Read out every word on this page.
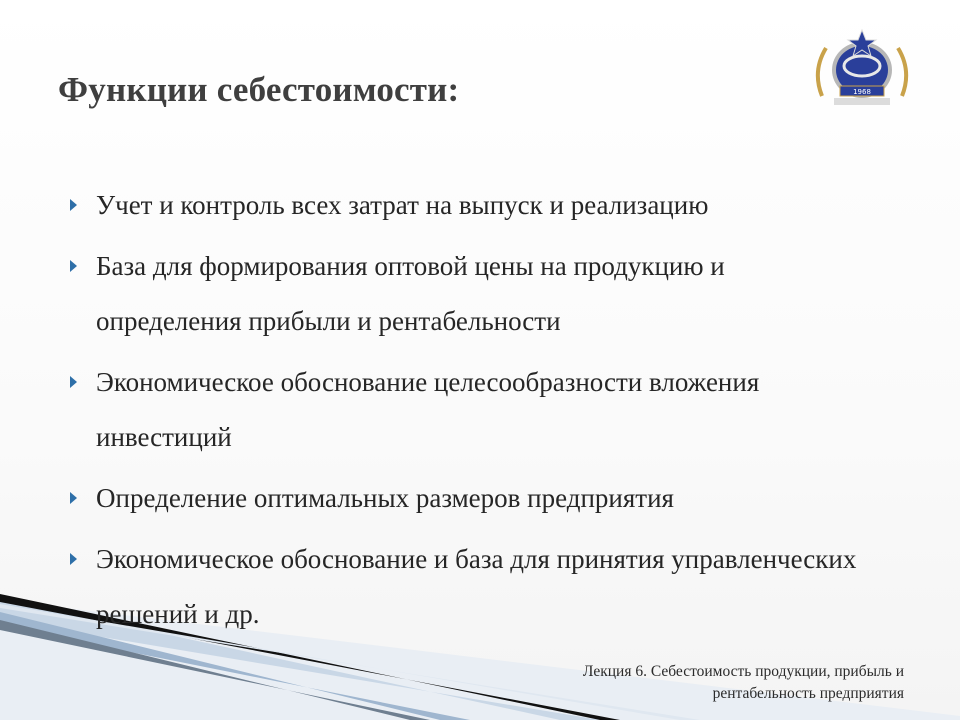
Функции себестоимости:	1968
Учет и контроль всех затрат на выпуск и реализацию
База для формирования оптовой цены на продукцию и определения прибыли и рентабельности
Экономическое обоснование целесообразности вложения инвестиций
Определение оптимальных размеров предприятия
Экономическое обоснование и база для принятия управленческих решений и др.
Лекция 6. Себестоимость продукции, прибыль и
рентабельность предприятия
